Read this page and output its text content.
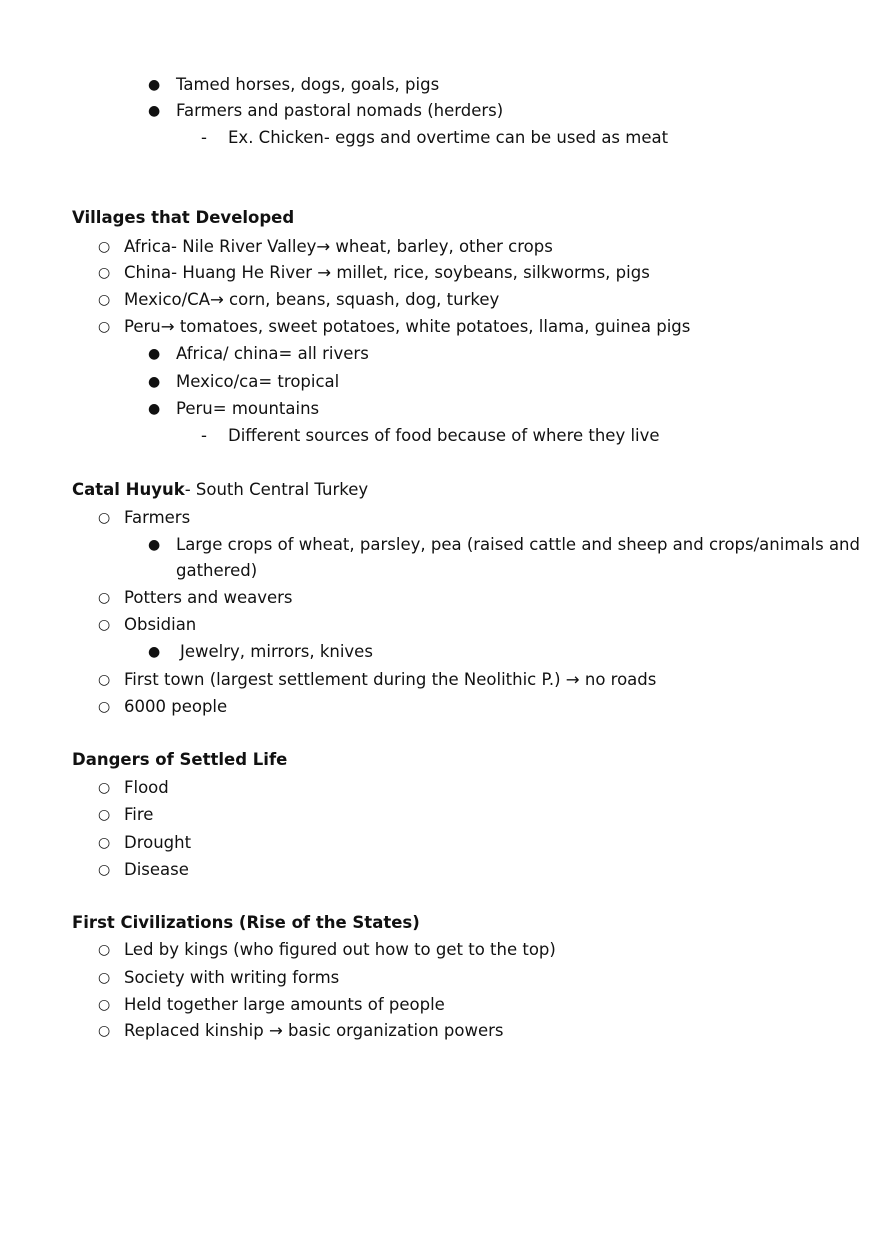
● Tamed horses, dogs, goals, pigs
● Farmers and pastoral nomads (herders)
- Ex. Chicken- eggs and overtime can be used as meat
Villages that Developed
○ Africa- Nile River Valley→ wheat, barley, other crops
○ China- Huang He River → millet, rice, soybeans, silkworms, pigs
○ Mexico/CA→ corn, beans, squash, dog, turkey
○ Peru→ tomatoes, sweet potatoes, white potatoes, llama, guinea pigs
● Africa/ china= all rivers
● Mexico/ca= tropical
● Peru= mountains
- Different sources of food because of where they live
Catal Huyuk- South Central Turkey
○ Farmers
● Large crops of wheat, parsley, pea (raised cattle and sheep and crops/animals and
gathered)
○ Potters and weavers
○ Obsidian
● Jewelry, mirrors, knives
○ First town (largest settlement during the Neolithic P.) → no roads
○ 6000 people
Dangers of Settled Life
○ Flood
○ Fire
○ Drought
○ Disease
First Civilizations (Rise of the States)
○ Led by kings (who figured out how to get to the top)
○ Society with writing forms
○ Held together large amounts of people
○ Replaced kinship → basic organization powers
